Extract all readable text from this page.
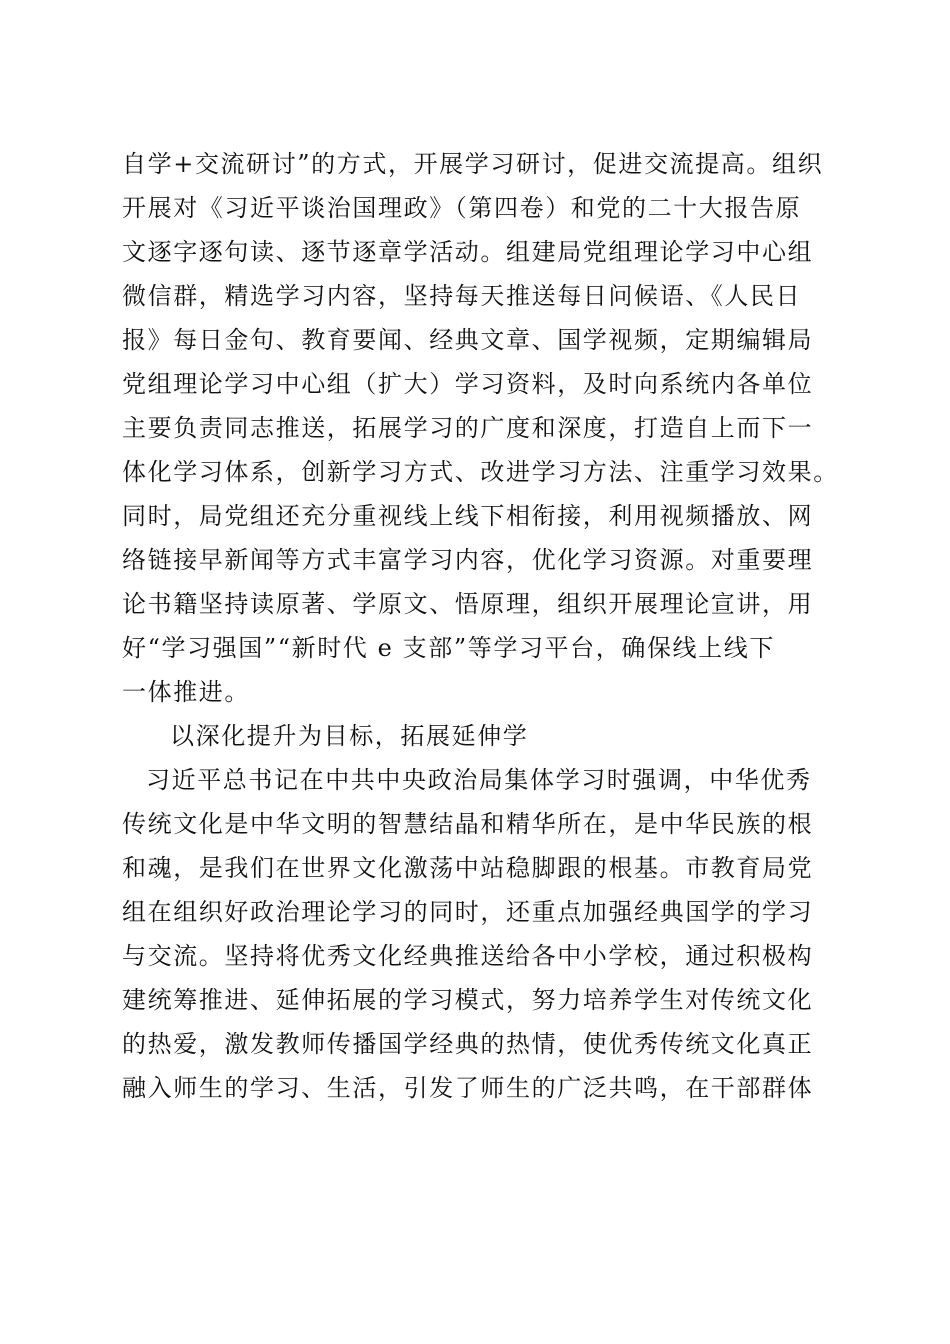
自学+交流研讨”的方式，开展学习研讨，促进交流提高。组织
开展对《习近平谈治国理政》（第四卷）和党的二十大报告原
文逐字逐句读、逐节逐章学活动。组建局党组理论学习中心组
微信群，精选学习内容，坚持每天推送每日问候语、《人民日
报》每日金句、教育要闻、经典文章、国学视频，定期编辑局
党组理论学习中心组（扩大）学习资料，及时向系统内各单位
主要负责同志推送，拓展学习的广度和深度，打造自上而下一
体化学习体系，创新学习方式、改进学习方法、注重学习效果。
同时，局党组还充分重视线上线下相衔接，利用视频播放、网
络链接早新闻等方式丰富学习内容，优化学习资源。对重要理
论书籍坚持读原著、学原文、悟原理，组织开展理论宣讲，用
好“学习强国”“新时代 e 支部”等学习平台，确保线上线下
一体推进。
以深化提升为目标，拓展延伸学
习近平总书记在中共中央政治局集体学习时强调，中华优秀
传统文化是中华文明的智慧结晶和精华所在，是中华民族的根
和魂，是我们在世界文化激荡中站稳脚跟的根基。市教育局党
组在组织好政治理论学习的同时，还重点加强经典国学的学习
与交流。坚持将优秀文化经典推送给各中小学校，通过积极构
建统筹推进、延伸拓展的学习模式，努力培养学生对传统文化
的热爱，激发教师传播国学经典的热情，使优秀传统文化真正
融入师生的学习、生活，引发了师生的广泛共鸣，在干部群体
